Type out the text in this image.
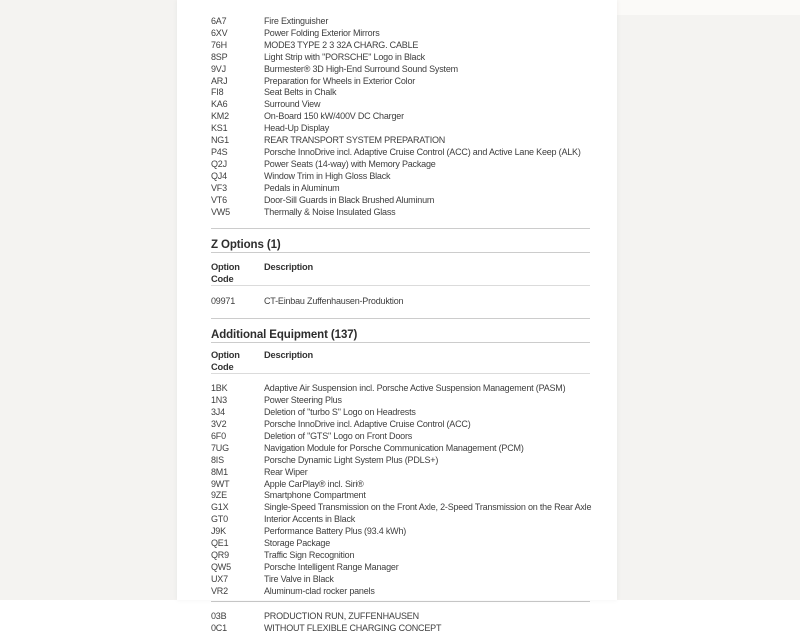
6A7	Fire Extinguisher
6XV	Power Folding Exterior Mirrors
76H	MODE3 TYPE 2 3 32A CHARG. CABLE
8SP	Light Strip with "PORSCHE" Logo in Black
9VJ	Burmester® 3D High-End Surround Sound System
ARJ	Preparation for Wheels in Exterior Color
FI8	Seat Belts in Chalk
KA6	Surround View
KM2	On-Board 150 kW/400V DC Charger
KS1	Head-Up Display
NG1	REAR TRANSPORT SYSTEM PREPARATION
P4S	Porsche InnoDrive incl. Adaptive Cruise Control (ACC) and Active Lane Keep (ALK)
Q2J	Power Seats (14-way) with Memory Package
QJ4	Window Trim in High Gloss Black
VF3	Pedals in Aluminum
VT6	Door-Sill Guards in Black Brushed Aluminum
VW5	Thermally & Noise Insulated Glass
Z Options (1)
Option Code
Description
09971	CT-Einbau Zuffenhausen-Produktion
Additional Equipment (137)
Option Code
Description
1BK	Adaptive Air Suspension incl. Porsche Active Suspension Management (PASM)
1N3	Power Steering Plus
3J4	Deletion of "turbo S" Logo on Headrests
3V2	Porsche InnoDrive incl. Adaptive Cruise Control (ACC)
6F0	Deletion of "GTS" Logo on Front Doors
7UG	Navigation Module for Porsche Communication Management (PCM)
8IS	Porsche Dynamic Light System Plus (PDLS+)
8M1	Rear Wiper
9WT	Apple CarPlay® incl. Siri®
9ZE	Smartphone Compartment
G1X	Single-Speed Transmission on the Front Axle, 2-Speed Transmission on the Rear Axle
GT0	Interior Accents in Black
J9K	Performance Battery Plus (93.4 kWh)
QE1	Storage Package
QR9	Traffic Sign Recognition
QW5	Porsche Intelligent Range Manager
UX7	Tire Valve in Black
VR2	Aluminum-clad rocker panels
03B	PRODUCTION RUN, ZUFFENHAUSEN
0C1	WITHOUT FLEXIBLE CHARGING CONCEPT
